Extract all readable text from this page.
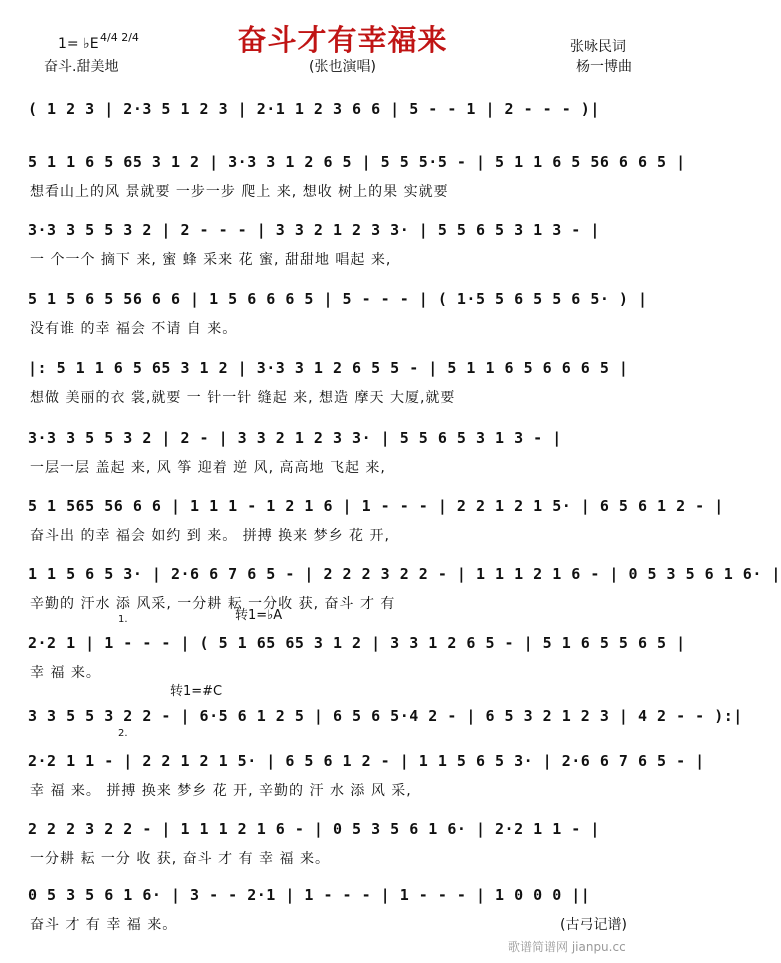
奋斗才有幸福来
1= ♭E 4/4 2/4
奋斗.甜美地	(张也演唱)
张咏民词
杨一博曲
( 1 2 3 | 2·3 5 1 2 3 | 2·1 1 2 3 6 6 | 5 - - 1 | 2 - - - )|
5 1 1 6 5 65 3 1 2 | 3·3 3 1 2 6 5 | 5 5 5·5 - | 5 1 1 6 5 56 6 6 5 |
想看山上的风 景就要 一步一步 爬上 来, 想收 树上的果 实就要
3·3 3 5 5 3 2 | 2 - - - | 3 3 2 1 2 3 3· | 5 5 6 5 3 1 3 - |
一 个一个 摘下 来, 蜜 蜂 采来 花 蜜, 甜甜地 唱起 来,
5 1 5 6 5 56 6 6 | 1 5 6 6 6 5 | 5 - - - | ( 1·5 5 6 5 5 6 5· ) |
没有谁 的幸 福会 不请 自 来。
|: 5 1 1 6 5 65 3 1 2 | 3·3 3 1 2 6 5 5 - | 5 1 1 6 5 6 6 6 5 |
想做 美丽的衣 裳,就要 一 针一针 缝起 来, 想造 摩天 大厦,就要
3·3 3 5 5 3 2 | 2 - | 3 3 2 1 2 3 3· | 5 5 6 5 3 1 3 - |
一层一层 盖起 来, 风 筝 迎着 逆 风, 高高地 飞起 来,
5 1 565 56 6 6 | 1 1 1 - 1 2 1 6 | 1 - - - | 2 2 1 2 1 5· | 6 5 6 1 2 - |
奋斗出 的幸 福会 如约 到 来。 拼搏 换来 梦乡 花 开,
1 1 5 6 5 3· | 2·6 6 7 6 5 - | 2 2 2 3 2 2 - | 1 1 1 2 1 6 - | 0 5 3 5 6 1 6· |
辛勤的 汗水 添 风采, 一分耕 耘 一分收 获, 奋斗 才 有
转1=♭A
1.
2·2 1 | 1 - - - | ( 5 1 65 65 3 1 2 | 3 3 1 2 6 5 - | 5 1 6 5 5 6 5 |
幸 福 来。
转1=#C
3 3 5 5 3 2 2 - | 6·5 6 1 2 5 | 6 5 6 5·4 2 - | 6 5 3 2 1 2 3 | 4 2 - - ):|
2.
2·2 1 1 - | 2 2 1 2 1 5· | 6 5 6 1 2 - | 1 1 5 6 5 3· | 2·6 6 7 6 5 - |
幸 福 来。 拼搏 换来 梦乡 花 开, 辛勤的 汗 水 添 风 采,
2 2 2 3 2 2 - | 1 1 1 2 1 6 - | 0 5 3 5 6 1 6· | 2·2 1 1 - |
一分耕 耘 一分 收 获, 奋斗 才 有 幸 福 来。
0 5 3 5 6 1 6· | 3 - - 2·1 | 1 - - - | 1 - - - | 1 0 0 0 ||
奋斗 才 有 幸 福 来。	(古弓记谱)
歌谱简谱网 jianpu.cc
